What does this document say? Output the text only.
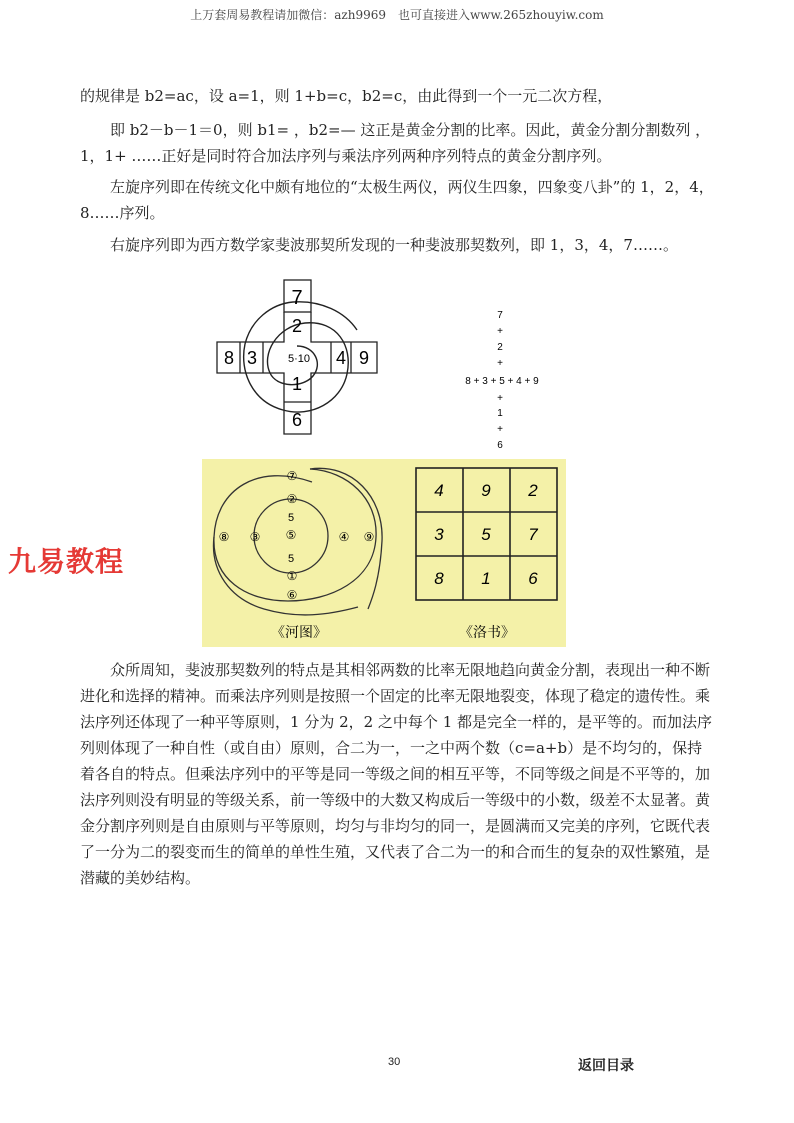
上万套周易教程请加微信：azh9969　也可直接进入www.265zhouyiw.com

的规律是 b2=ac，设 a=1，则 1+b=c，b2=c，由此得到一个一元二次方程，

即 b2－b－1＝0，则 b1= ，b2=— 这正是黄金分割的比率。因此，黄金分割分割数列 ，1，1+ ……正好是同时符合加法序列与乘法序列两种序列特点的黄金分割序列。

左旋序列即在传统文化中颇有地位的“太极生两仪，两仪生四象，四象变八卦”的 1，2，4，8……序列。

右旋序列即为西方数学家斐波那契所发现的一种斐波那契数列，即 1，3，4，7……。

7
2
5·10
1
6
8 3	4 9
7
+
2
+
8 + 3 + 5 + 4 + 9
+
1
+
6
⑦
②
5
⑤
5
①
⑥
⑧ ③	④ ⑨
《河图》
4 9 2
3 5 7
8 1 6
《洛书》
九易教程

众所周知，斐波那契数列的特点是其相邻两数的比率无限地趋向黄金分割，表现出一种不断进化和选择的精神。而乘法序列则是按照一个固定的比率无限地裂变，体现了稳定的遗传性。乘法序列还体现了一种平等原则，1 分为 2，2 之中每个 1 都是完全一样的，是平等的。而加法序列则体现了一种自性（或自由）原则，合二为一，一之中两个数（c=a+b）是不均匀的，保持着各自的特点。但乘法序列中的平等是同一等级之间的相互平等，不同等级之间是不平等的，加法序列则没有明显的等级关系，前一等级中的大数又构成后一等级中的小数，级差不太显著。黄金分割序列则是自由原则与平等原则，均匀与非均匀的同一，是圆满而又完美的序列，它既代表了一分为二的裂变而生的简单的单性生殖，又代表了合二为一的和合而生的复杂的双性繁殖，是潜藏的美妙结构。

30	返回目录
